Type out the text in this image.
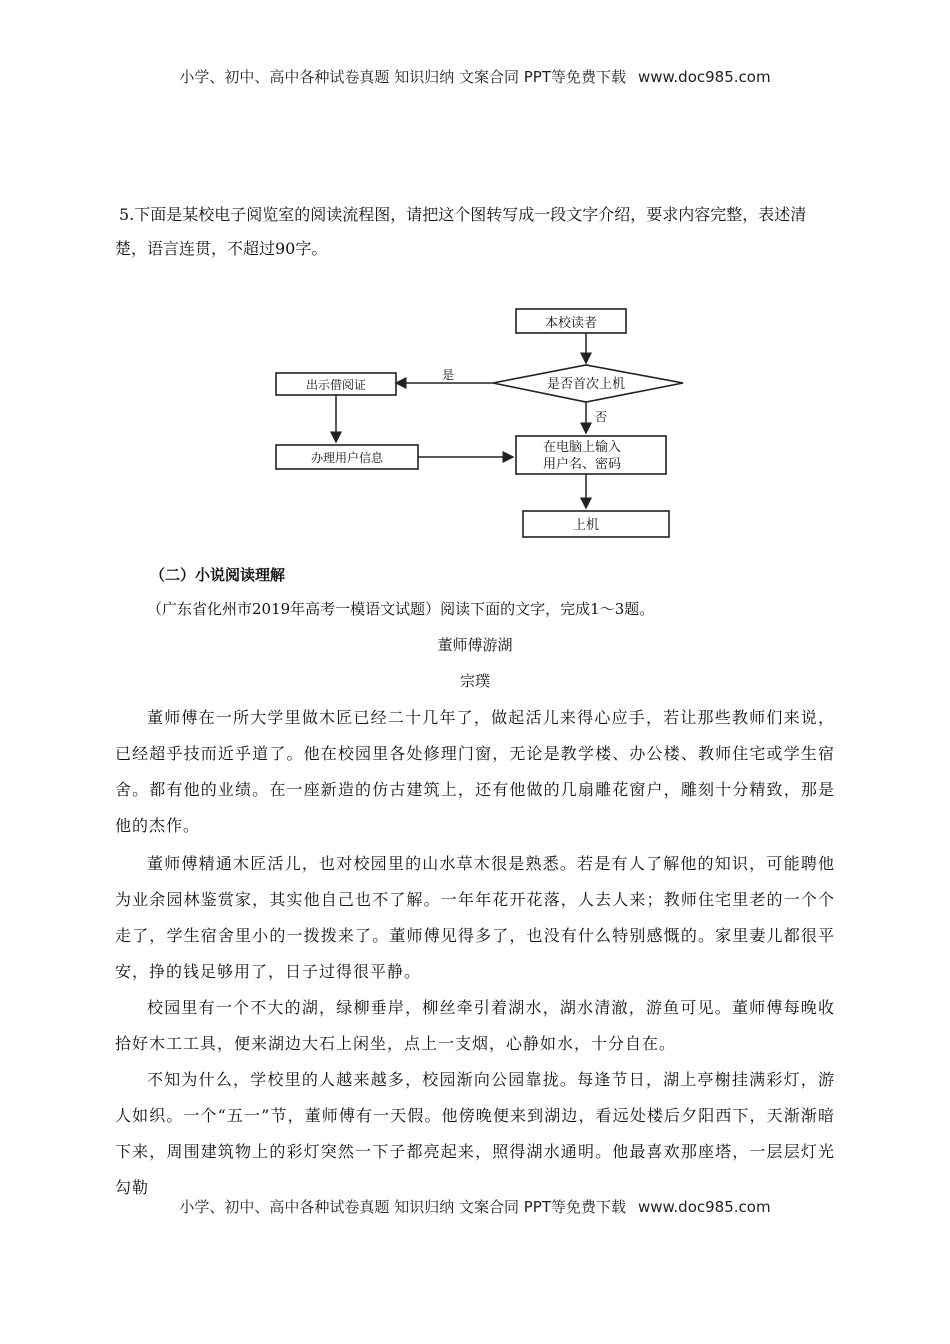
小学、初中、高中各种试卷真题 知识归纳 文案合同 PPT等免费下载 www.doc985.com
5.下面是某校电子阅览室的阅读流程图，请把这个图转写成一段文字介绍，要求内容完整，表述清楚，语言连贯，不超过90字。
本校读者
是否首次上机
是
出示借阅证
办理用户信息
否
在电脑上输入
用户名、密码
上机
（二）小说阅读理解
（广东省化州市2019年高考一模语文试题）阅读下面的文字，完成1～3题。
董师傅游湖
宗璞
董师傅在一所大学里做木匠已经二十几年了，做起活儿来得心应手，若让那些教师们来说，已经超乎技而近乎道了。他在校园里各处修理门窗，无论是教学楼、办公楼、教师住宅或学生宿舍。都有他的业绩。在一座新造的仿古建筑上，还有他做的几扇雕花窗户，雕刻十分精致，那是他的杰作。
董师傅精通木匠活儿，也对校园里的山水草木很是熟悉。若是有人了解他的知识，可能聘他为业余园林鉴赏家，其实他自己也不了解。一年年花开花落，人去人来；教师住宅里老的一个个走了，学生宿舍里小的一拨拨来了。董师傅见得多了，也没有什么特别感慨的。家里妻儿都很平安，挣的钱足够用了，日子过得很平静。
校园里有一个不大的湖，绿柳垂岸，柳丝牵引着湖水，湖水清澈，游鱼可见。董师傅每晚收拾好木工工具，便来湖边大石上闲坐，点上一支烟，心静如水，十分自在。
不知为什么，学校里的人越来越多，校园渐向公园靠拢。每逢节日，湖上亭榭挂满彩灯，游人如织。一个“五一”节，董师傅有一天假。他傍晚便来到湖边，看远处楼后夕阳西下，天渐渐暗下来，周围建筑物上的彩灯突然一下子都亮起来，照得湖水通明。他最喜欢那座塔，一层层灯光勾勒
小学、初中、高中各种试卷真题 知识归纳 文案合同 PPT等免费下载 www.doc985.com
